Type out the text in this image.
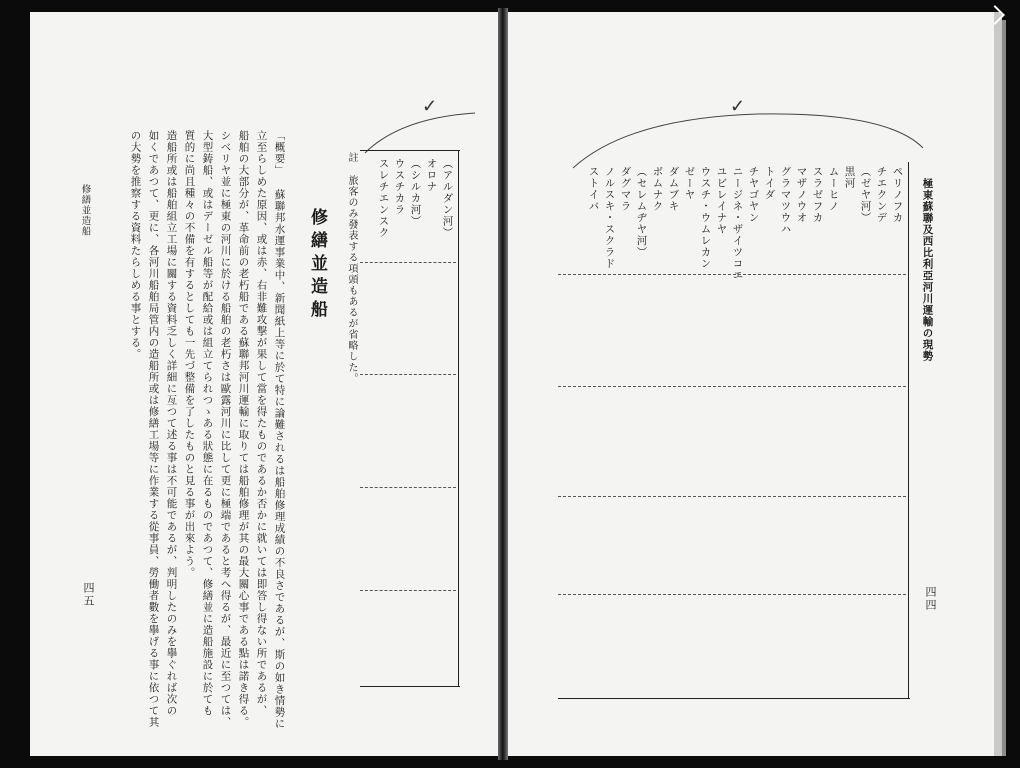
✓
（アルダン河）
オロナ
（シルカ河）
ウスチカラ
スレチエンスク
註 旅客のみ發表する項頭もあるが省略した。
修繕並造船
「概要」 蘇聯邦水運事業中、新聞紙上等に於て特に論難されるは船舶修理成績の不良さであるが、斯の如き情勢に
立至らしめた原因、或は赤、右非難攻撃が果して當を得たものであるか否かに就いては即答し得ない所であるが、
船舶の大部分が、革命前の老朽船である蘇聯邦河川運輸に取りては船舶修理が其の最大關心事である點は諾き得る。
シベリヤ並に極東の河川に於ける船舶の老朽さは歐露河川に比して更に極端であると考へ得るが、最近に至つては、
大型鋳船、或はデーゼル船等が配給或は組立てられつゝある狀態に在るものであつて、修繕並に造船施設に於ても
質的に尚且種々の不備を有するとしても一先づ整備を了したものと見る事が出來よう。
造船所或は船舶組立工場に關する資料乏しく詳細に亙つて述る事は不可能であるが、判明したのみを擧ぐれば次の
如くであつて、更に、各河川船舶局管内の造船所或は修繕工場等に作業する從事員、勞働者數を擧げる事に依つて其
の大勢を推察する資料たらしめる事とする。
修繕並造船
四五
✓
極東蘇聯及西比利亞河川運輸の現勢
四四
ペリノフカ
チエクンデ
（ゼヤ河）
黒河
ムーヒノ
スラゼフカ
マザノウオ
グラマツウハ
トイダ
チヤゴヤン
ニージネ・ザイツコエ
ユビレイナヤ
ウスチ・ウムレカン
ゼーヤ
ダムブキ
ボムナク
（セレムヂヤ河）
ダグマラ
ノルスキ・スクラド
ストイバ
